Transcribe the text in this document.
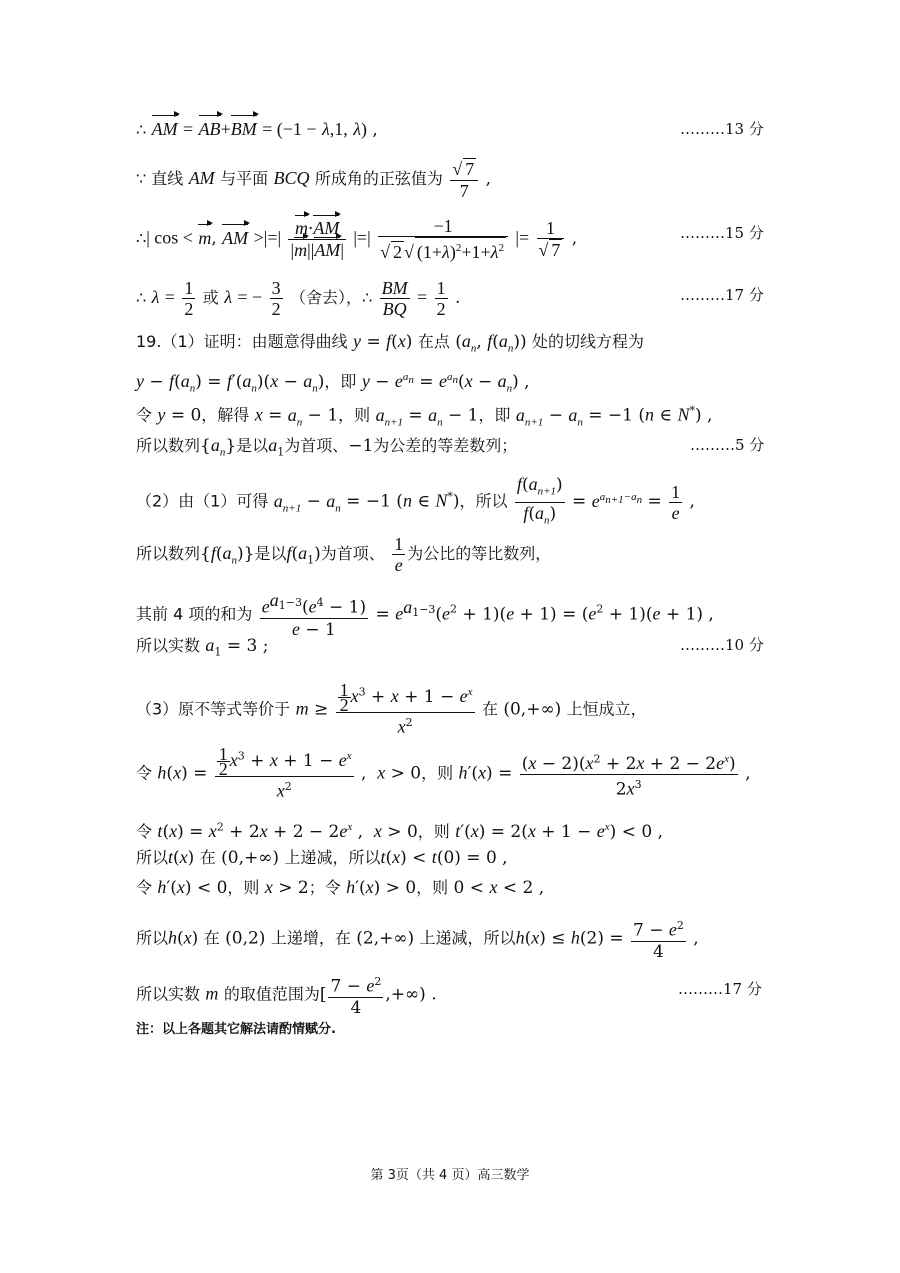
∴ AM = AB+BM = (−1 − λ,1, λ) ,	………13 分
∵ 直线 AM 与平面 BCQ 所成角的正弦值为 $\frac{√ 7}{7}$ ,
∴| cos < m, AM >|=| $\frac{m\cdot AM}{|m||AM|}$ |=| $\frac{-1}{√ 2 √ (1+\lambda)^2+1+\lambda^2}$ |= $\frac{1}{√ 7}$ ,	………15 分
∴ $\lambda = \frac{1}{2}$ 或 λ = − $\frac{3}{2}$ （舍去），∴ $\frac{BM}{BQ} = \frac{1}{2}$ .	………17 分
19.（1）证明：由题意得曲线 y = f(x) 在点 ($a_n$, $f(a_n)$) 处的切线方程为
$y - f(a_n) = f'(a_n)(x - a_n)$，即 $y - e^{a_n} = e^{a_n}(x - a_n)$ ,
令 y = 0，解得 $x = a_n - 1$，则 $a_{n+1} = a_n - 1$，即 $a_{n+1} - a_n = -1$ (n ∈ N*) ,
所以数列$\{a_n\}$是以$a_1$为首项、−1为公差的等差数列；	………5 分
（2）由（1）可得 $a_{n+1} - a_n = -1$ (n ∈ N*)，所以 $\frac{f(a_{n+1})}{f(a_n)} = e^{a_{n+1}-a_n} = \frac{1}{e}$ ,
所以数列$\{f(a_n)\}$是以$f(a_1)$为首项、 $\frac{1}{e}$ 为公比的等比数列，
其前 4 项的和为 $\frac{e^{a_1-3}(e^4 - 1)}{e - 1} = e^{a_1-3}(e^2 + 1)(e + 1) = (e^2 + 1)(e + 1)$ ,
所以实数 $a_1 = 3$ ;	………10 分
（3）原不等式等价于 $m \ge \frac{\frac{1}{2} x^3 + x + 1 - e^x}{x^2}$ 在 (0,+∞) 上恒成立，
令 $h(x) = \frac{\frac{1}{2} x^3 + x + 1 - e^x}{x^2}$ ,  x > 0，则 $h'(x) = \frac{(x - 2)(x^2 + 2x + 2 - 2e^x)}{2x^3}$ ,
令 $t(x) = x^2 + 2x + 2 - 2e^x$ ,  x > 0，则 $t'(x) = 2(x + 1 - e^x) < 0$ ,
所以t(x) 在 (0,+∞) 上递减，所以t(x) < t(0) = 0 ,
令 h′(x) < 0，则 x > 2；令 h′(x) > 0，则 0 < x < 2 ,
所以h(x) 在 (0,2) 上递增，在 (2,+∞) 上递减，所以$h(x) \le h(2) = \frac{7 - e^2}{4}$ ,
所以实数 m 的取值范围为[ $\frac{7 - e^2}{4}$ ,+∞) .	………17 分
注：以上各题其它解法请酌情赋分.
第 3页（共 4 页）高三数学
